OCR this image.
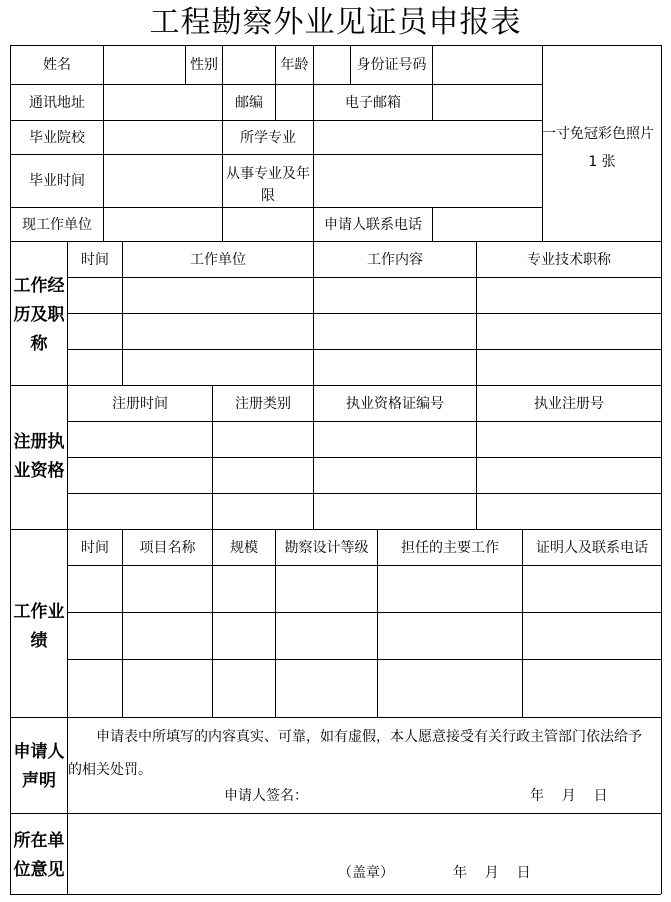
工程勘察外业见证员申报表
姓名	性别	年龄	身份证号码
通讯地址	邮编	电子邮箱
毕业院校	所学专业
毕业时间	从事专业及年限
现工作单位	申请人联系电话
一寸免冠彩色照片
1 张
工作经历及职称
时间	工作单位	工作内容	专业技术职称
注册执业资格
注册时间	注册类别	执业资格证编号	执业注册号
工作业绩
时间	项目名称	规模	勘察设计等级	担任的主要工作	证明人及联系电话
申请人声明
申请表中所填写的内容真实、可靠，如有虚假，本人愿意接受有关行政主管部门依法给予
的相关处罚。
申请人签名：	年    月    日
所在单位意见	（盖章）	年    月    日
